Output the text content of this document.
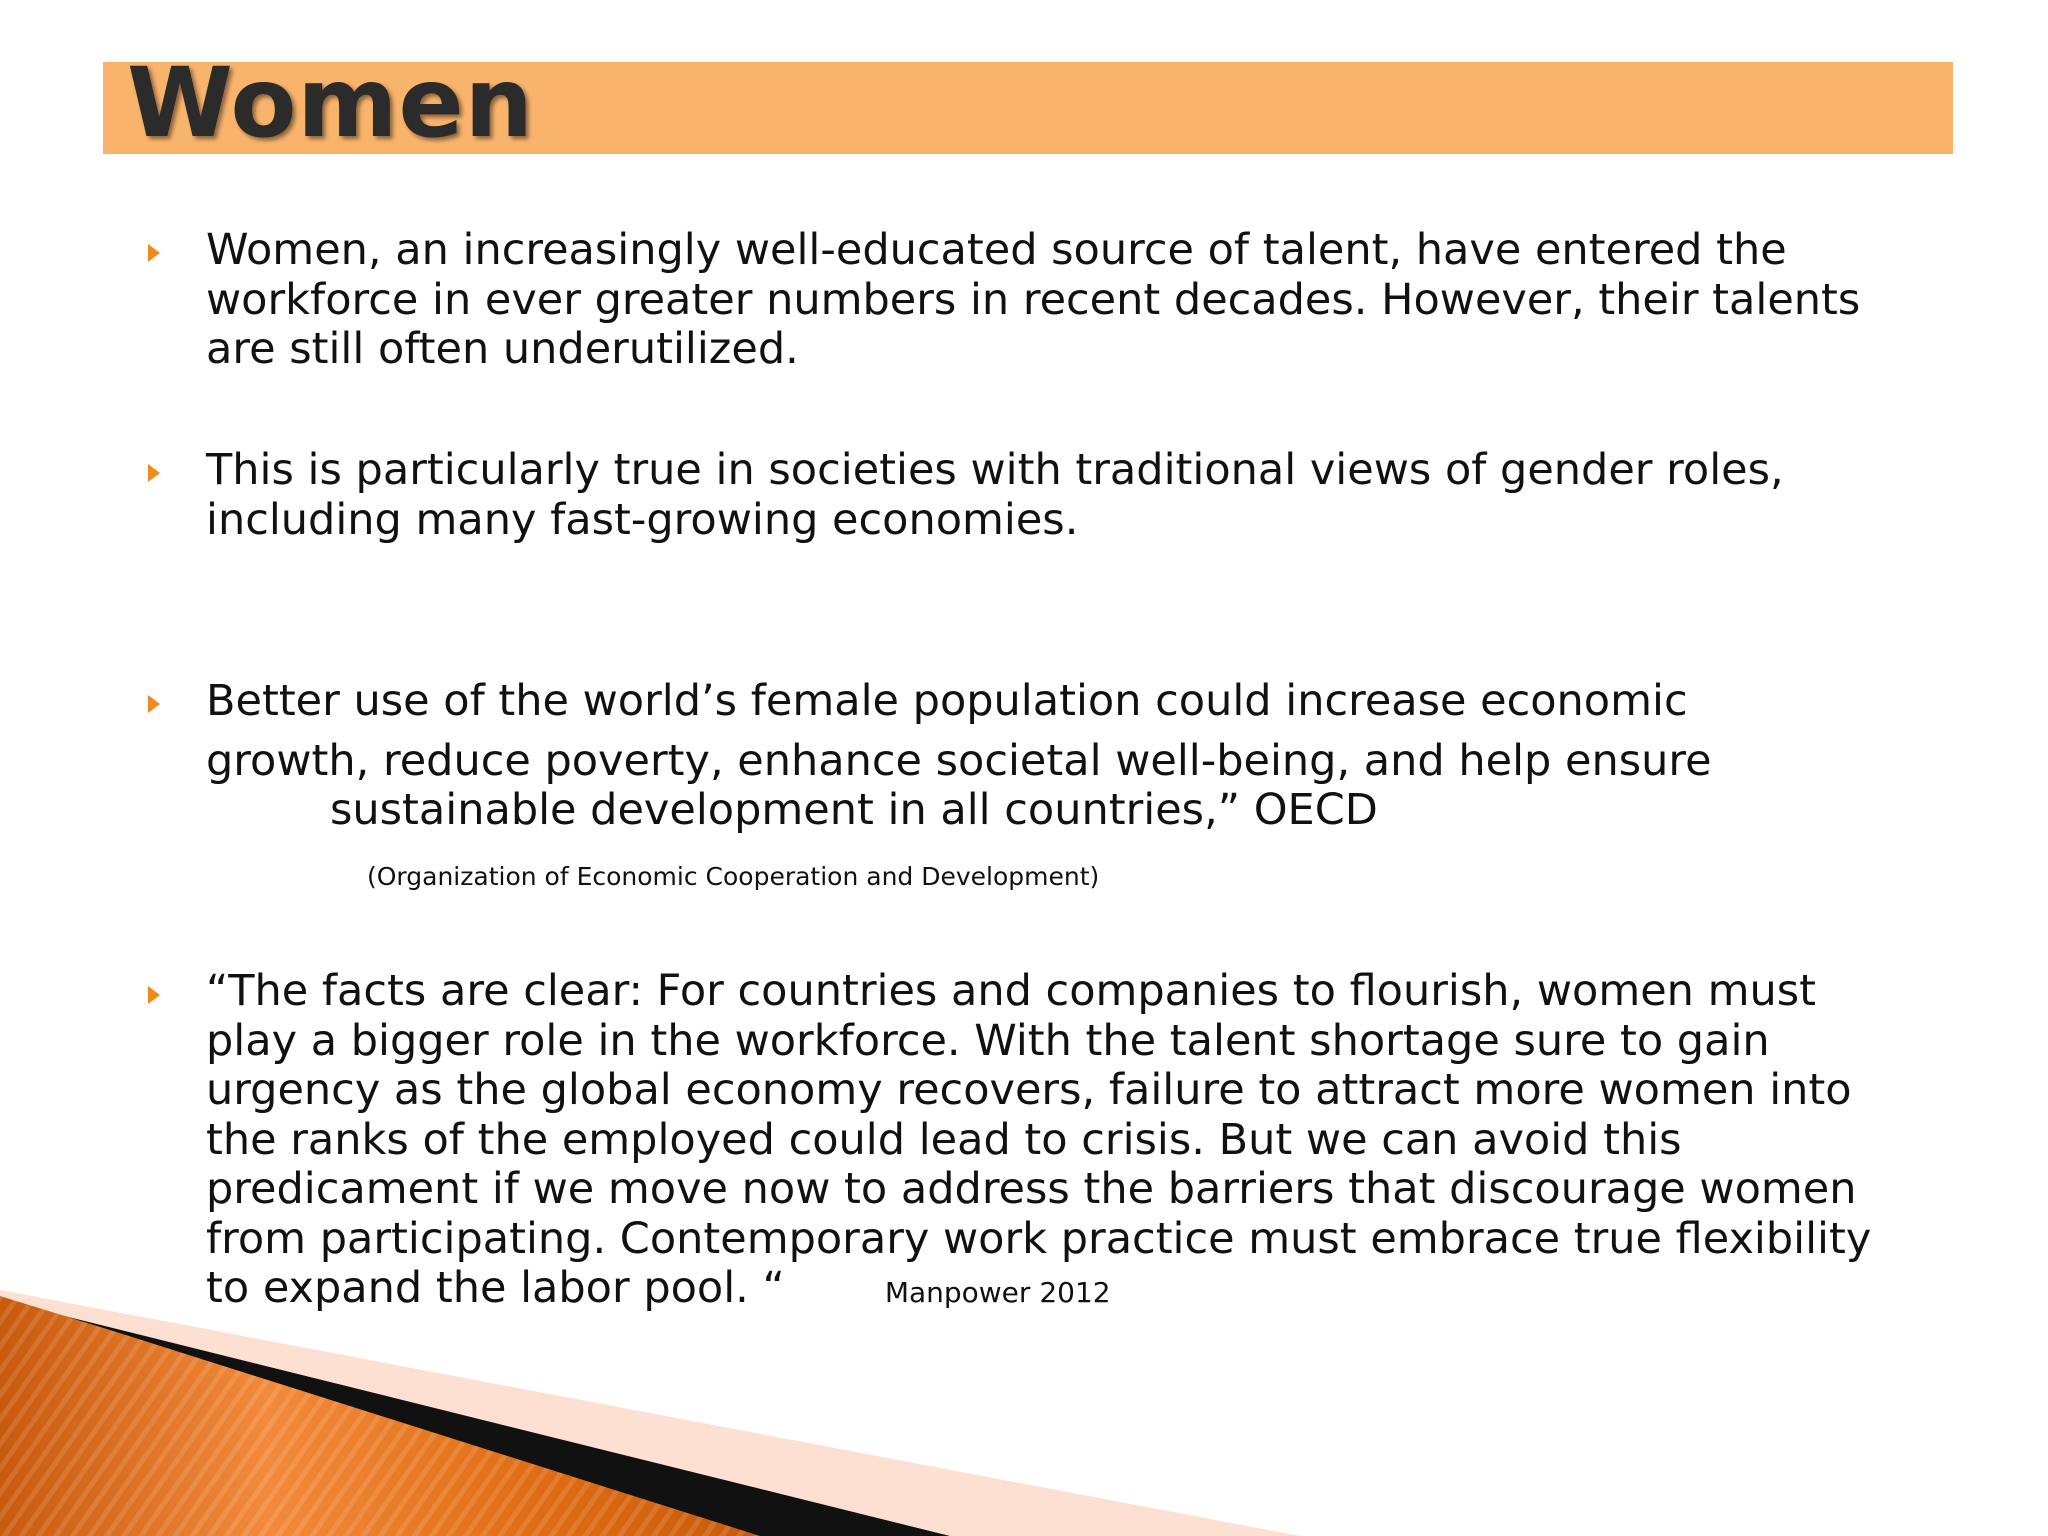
Women

Women, an increasingly well-educated source of talent, have entered the
workforce in ever greater numbers in recent decades. However, their talents
are still often underutilized.

This is particularly true in societies with traditional views of gender roles,
including many fast-growing economies.

Better use of the world’s female population could increase economic
growth, reduce poverty, enhance societal well-being, and help ensure
sustainable development in all countries,” OECD

(Organization of Economic Cooperation and Development)

“The facts are clear: For countries and companies to flourish, women must
play a bigger role in the workforce. With the talent shortage sure to gain
urgency as the global economy recovers, failure to attract more women into
the ranks of the employed could lead to crisis. But we can avoid this
predicament if we move now to address the barriers that discourage women
from participating. Contemporary work practice must embrace true flexibility
to expand the labor pool. “	Manpower 2012
